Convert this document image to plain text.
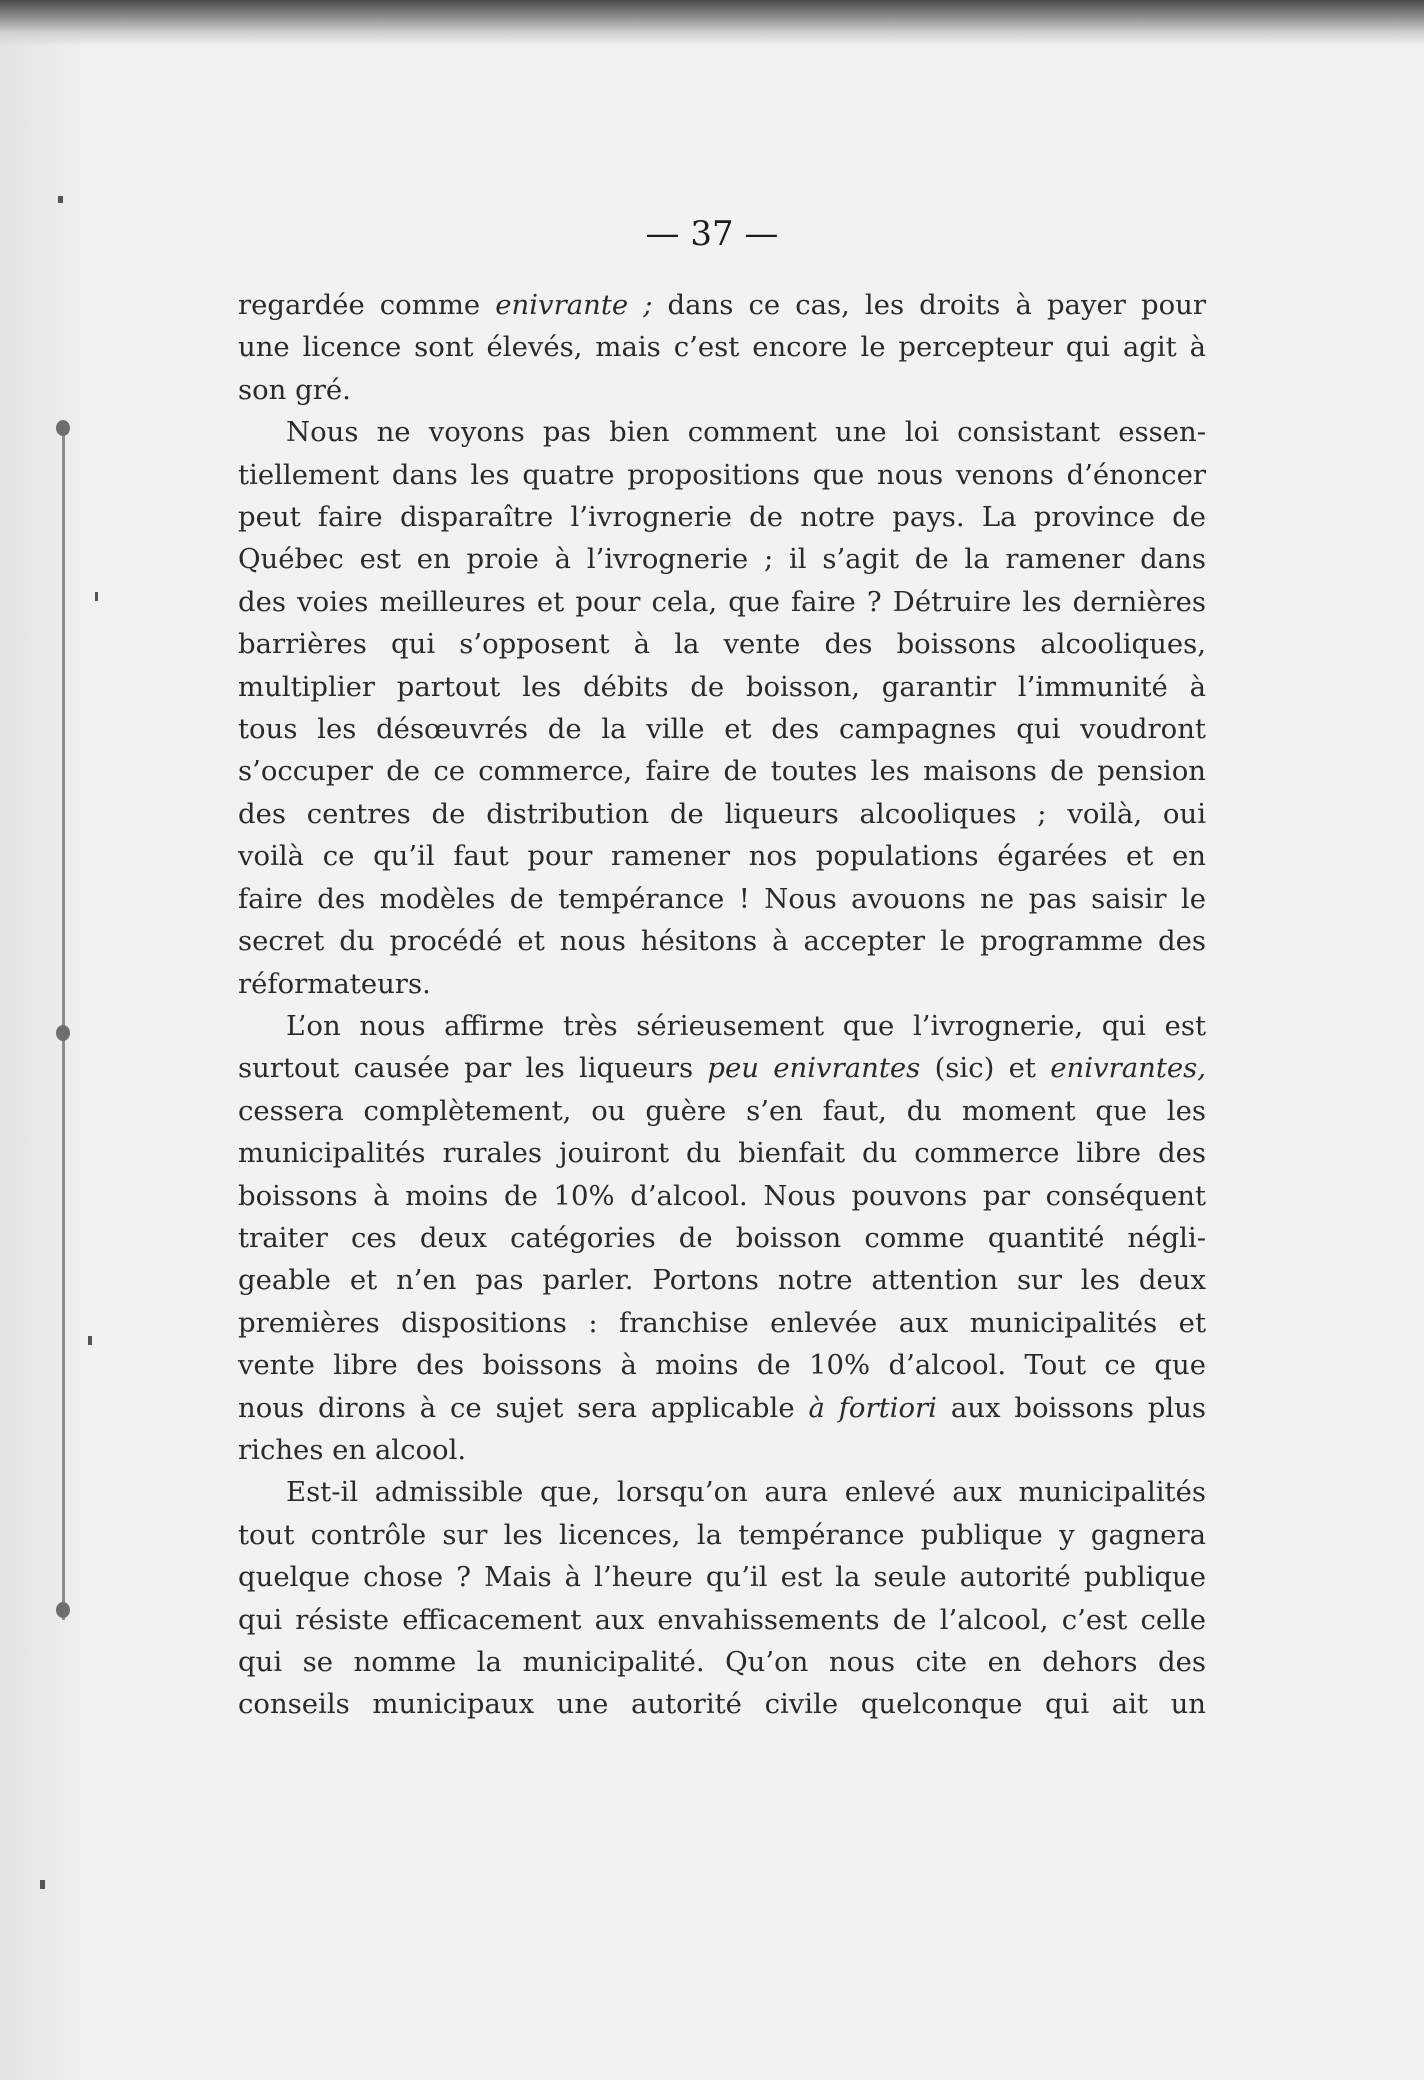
— 37 —
regardée comme enivrante ; dans ce cas, les droits à payer pour
une licence sont élevés, mais c’est encore le percepteur qui agit à
son gré.
Nous ne voyons pas bien comment une loi consistant essen-
tiellement dans les quatre propositions que nous venons d’énoncer
peut faire disparaître l’ivrognerie de notre pays. La province de
Québec est en proie à l’ivrognerie ; il s’agit de la ramener dans
des voies meilleures et pour cela, que faire ? Détruire les dernières
barrières qui s’opposent à la vente des boissons alcooliques,
multiplier partout les débits de boisson, garantir l’immunité à
tous les désœuvrés de la ville et des campagnes qui voudront
s’occuper de ce commerce, faire de toutes les maisons de pension
des centres de distribution de liqueurs alcooliques ; voilà, oui
voilà ce qu’il faut pour ramener nos populations égarées et en
faire des modèles de tempérance ! Nous avouons ne pas saisir le
secret du procédé et nous hésitons à accepter le programme des
réformateurs.
L’on nous affirme très sérieusement que l’ivrognerie, qui est
surtout causée par les liqueurs peu enivrantes (sic) et enivrantes,
cessera complètement, ou guère s’en faut, du moment que les
municipalités rurales jouiront du bienfait du commerce libre des
boissons à moins de 10% d’alcool. Nous pouvons par conséquent
traiter ces deux catégories de boisson comme quantité négli-
geable et n’en pas parler. Portons notre attention sur les deux
premières dispositions : franchise enlevée aux municipalités et
vente libre des boissons à moins de 10% d’alcool. Tout ce que
nous dirons à ce sujet sera applicable à fortiori aux boissons plus
riches en alcool.
Est-il admissible que, lorsqu’on aura enlevé aux municipalités
tout contrôle sur les licences, la tempérance publique y gagnera
quelque chose ? Mais à l’heure qu’il est la seule autorité publique
qui résiste efficacement aux envahissements de l’alcool, c’est celle
qui se nomme la municipalité. Qu’on nous cite en dehors des
conseils municipaux une autorité civile quelconque qui ait un
